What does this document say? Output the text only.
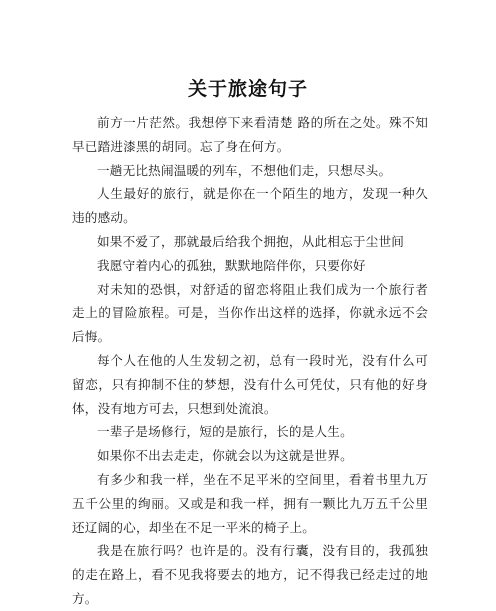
关于旅途句子

前方一片茫然。我想停下来看清楚 路的所在之处。殊不知 早已踏进漆黑的胡同。忘了身在何方。

一趟无比热闹温暖的列车，不想他们走，只想尽头。

人生最好的旅行，就是你在一个陌生的地方，发现一种久违的感动。

如果不爱了，那就最后给我个拥抱，从此相忘于尘世间

我愿守着内心的孤独，默默地陪伴你，只要你好

对未知的恐惧，对舒适的留恋将阻止我们成为一个旅行者走上的冒险旅程。可是，当你作出这样的选择，你就永远不会后悔。

每个人在他的人生发轫之初，总有一段时光，没有什么可留恋，只有抑制不住的梦想，没有什么可凭仗，只有他的好身体，没有地方可去，只想到处流浪。

一辈子是场修行，短的是旅行，长的是人生。

如果你不出去走走，你就会以为这就是世界。

有多少和我一样，坐在不足平米的空间里，看着书里九万五千公里的绚丽。又或是和我一样，拥有一颗比九万五千公里还辽阔的心，却坐在不足一平米的椅子上。

我是在旅行吗？也许是的。没有行囊，没有目的，我孤独的走在路上，看不见我将要去的地方，记不得我已经走过的地方。
